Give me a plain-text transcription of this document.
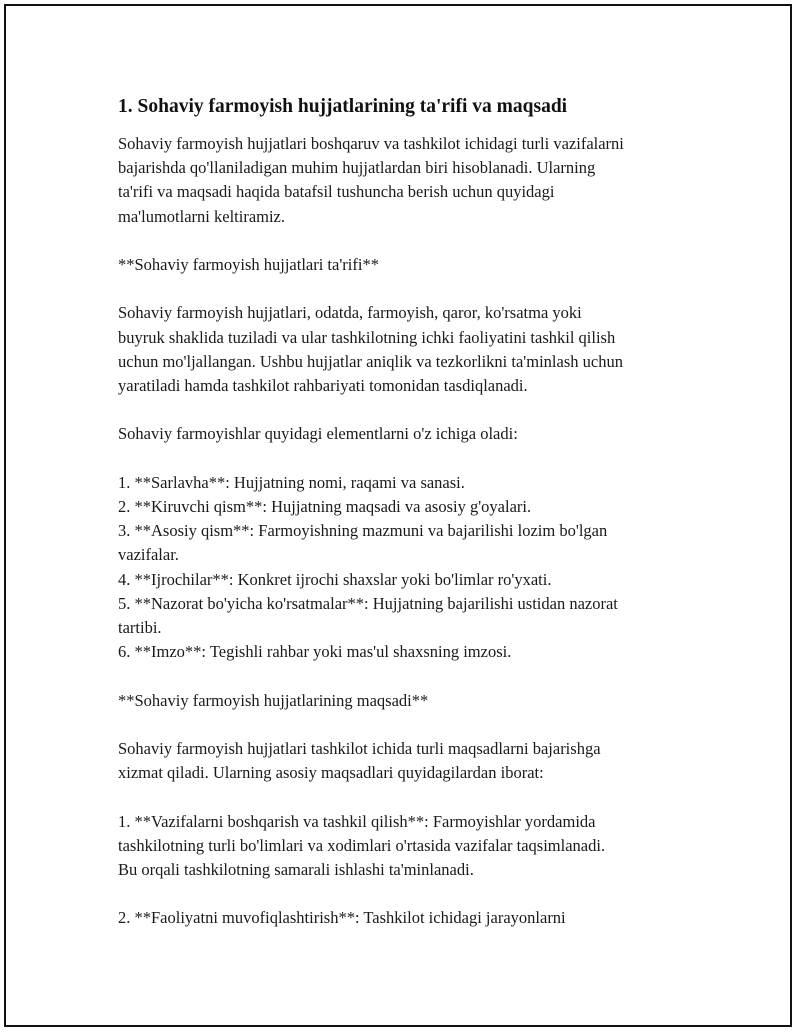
1. Sohaviy farmoyish hujjatlarining ta'rifi va maqsadi

Sohaviy farmoyish hujjatlari boshqaruv va tashkilot ichidagi turli vazifalarni
bajarishda qo'llaniladigan muhim hujjatlardan biri hisoblanadi. Ularning
ta'rifi va maqsadi haqida batafsil tushuncha berish uchun quyidagi
ma'lumotlarni keltiramiz.

**Sohaviy farmoyish hujjatlari ta'rifi**

Sohaviy farmoyish hujjatlari, odatda, farmoyish, qaror, ko'rsatma yoki
buyruk shaklida tuziladi va ular tashkilotning ichki faoliyatini tashkil qilish
uchun mo'ljallangan. Ushbu hujjatlar aniqlik va tezkorlikni ta'minlash uchun
yaratiladi hamda tashkilot rahbariyati tomonidan tasdiqlanadi.

Sohaviy farmoyishlar quyidagi elementlarni o'z ichiga oladi:

1. **Sarlavha**: Hujjatning nomi, raqami va sanasi.
2. **Kiruvchi qism**: Hujjatning maqsadi va asosiy g'oyalari.
3. **Asosiy qism**: Farmoyishning mazmuni va bajarilishi lozim bo'lgan
vazifalar.
4. **Ijrochilar**: Konkret ijrochi shaxslar yoki bo'limlar ro'yxati.
5. **Nazorat bo'yicha ko'rsatmalar**: Hujjatning bajarilishi ustidan nazorat
tartibi.
6. **Imzo**: Tegishli rahbar yoki mas'ul shaxsning imzosi.

**Sohaviy farmoyish hujjatlarining maqsadi**

Sohaviy farmoyish hujjatlari tashkilot ichida turli maqsadlarni bajarishga
xizmat qiladi. Ularning asosiy maqsadlari quyidagilardan iborat:

1. **Vazifalarni boshqarish va tashkil qilish**: Farmoyishlar yordamida
tashkilotning turli bo'limlari va xodimlari o'rtasida vazifalar taqsimlanadi.
Bu orqali tashkilotning samarali ishlashi ta'minlanadi.

2. **Faoliyatni muvofiqlashtirish**: Tashkilot ichidagi jarayonlarni
